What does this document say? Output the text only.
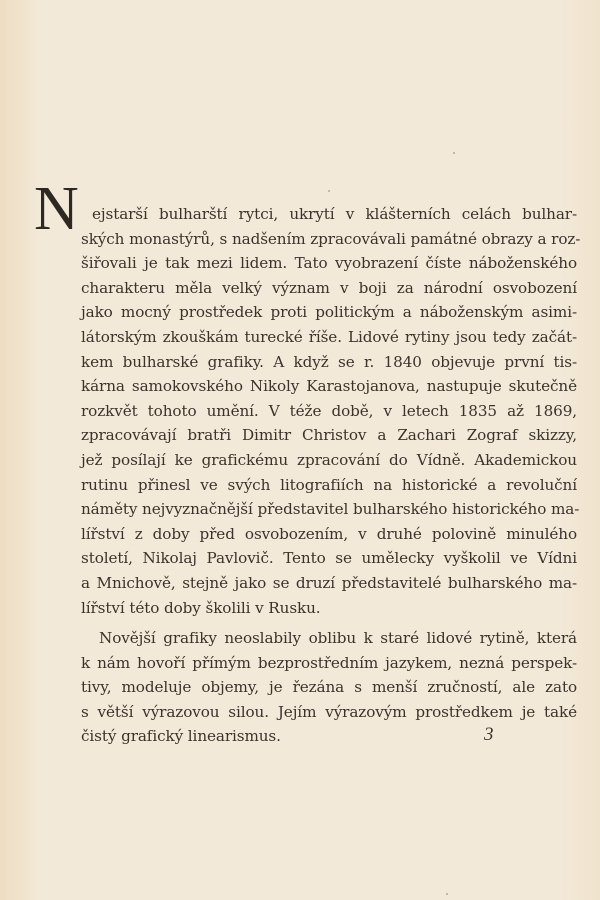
N ejstarší bulharští rytci, ukrytí v klášterních celách bulhar-
ských monastýrů, s nadšením zpracovávali památné obrazy a roz-
šiřovali je tak mezi lidem. Tato vyobrazení číste náboženského
charakteru měla velký význam v boji za národní osvobození
jako mocný prostředek proti politickým a náboženským asimi-
látorským zkouškám turecké říše. Lidové rytiny jsou tedy začát-
kem bulharské grafiky. A když se r. 1840 objevuje první tis-
kárna samokovského Nikoly Karastojanova, nastupuje skutečně
rozkvět tohoto umění. V téže době, v letech 1835 až 1869,
zpracovávají bratři Dimitr Christov a Zachari Zograf skizzy,
jež posílají ke grafickému zpracování do Vídně. Akademickou
rutinu přinesl ve svých litografiích na historické a revoluční
náměty nejvyznačnější představitel bulharského historického ma-
lířství z doby před osvobozením, v druhé polovině minulého
století, Nikolaj Pavlovič. Tento se umělecky vyškolil ve Vídni
a Mnichově, stejně jako se druzí představitelé bulharského ma-
lířství této doby školili v Rusku.
Novější grafiky neoslabily oblibu k staré lidové rytině, která
k nám hovoří přímým bezprostředním jazykem, nezná perspek-
tivy, modeluje objemy, je řezána s menší zručností, ale zato
s větší výrazovou silou. Jejím výrazovým prostředkem je také
čistý grafický linearismus.	3
